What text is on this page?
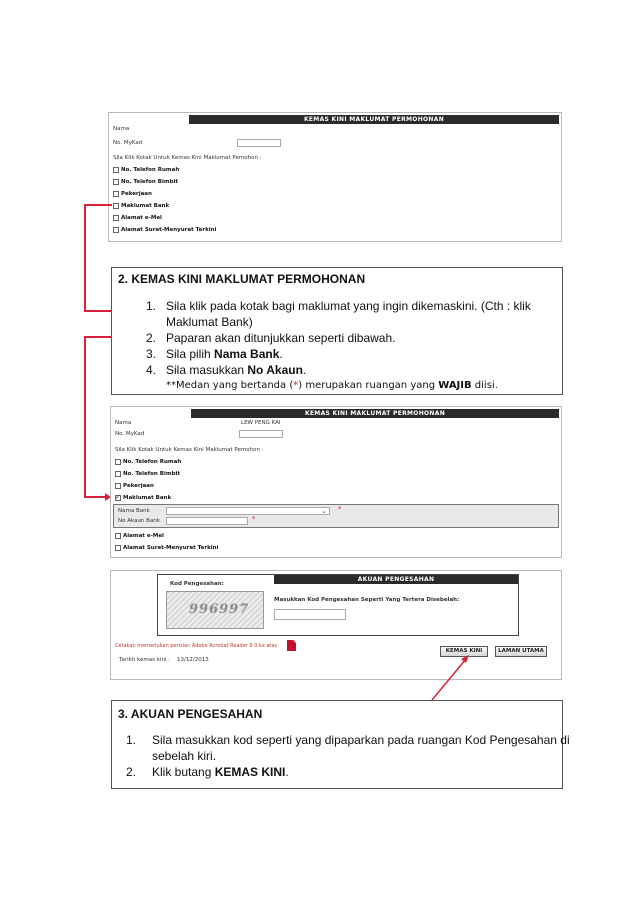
KEMAS KINI MAKLUMAT PERMOHONAN
Nama
No. MyKad
Sila Klik Kotak Untuk Kemas Kini Maklumat Pemohon :
No. Telefon Rumah
No. Telefon Bimbit
Pekerjaan
Maklumat Bank
Alamat e-Mel
Alamat Surat-Menyurat Terkini
2. KEMAS KINI MAKLUMAT PERMOHONAN
1. Sila klik pada kotak bagi maklumat yang ingin dikemaskini. (Cth : klik
Maklumat Bank)
2. Paparan akan ditunjukkan seperti dibawah.
3. Sila pilih Nama Bank.
4. Sila masukkan No Akaun.
**Medan yang bertanda (*) merupakan ruangan yang WAJIB diisi.
KEMAS KINI MAKLUMAT PERMOHONAN
Nama	LEW PENG KAI
No. MyKad
Sila Klik Kotak Untuk Kemas Kini Maklumat Pemohon :
No. Telefon Rumah
No. Telefon Bimbit
Pekerjaan
✓
Maklumat Bank
Nama Bank	⌄	*
No Akaun Bank	*
Alamat e-Mel
Alamat Surat-Menyurat Terkini
AKUAN PENGESAHAN
Kod Pengesahan:
996997
Masukkan Kod Pengesahan Seperti Yang Tertera Disebelah:
Cetakan memerlukan perisian Adobe Acrobat Reader 9.0 ke atas
Tarikh kemas kini : 13/12/2013
KEMAS KINI	LAMAN UTAMA
3. AKUAN PENGESAHAN
1. Sila masukkan kod seperti yang dipaparkan pada ruangan Kod Pengesahan di
sebelah kiri.
2. Klik butang KEMAS KINI.
